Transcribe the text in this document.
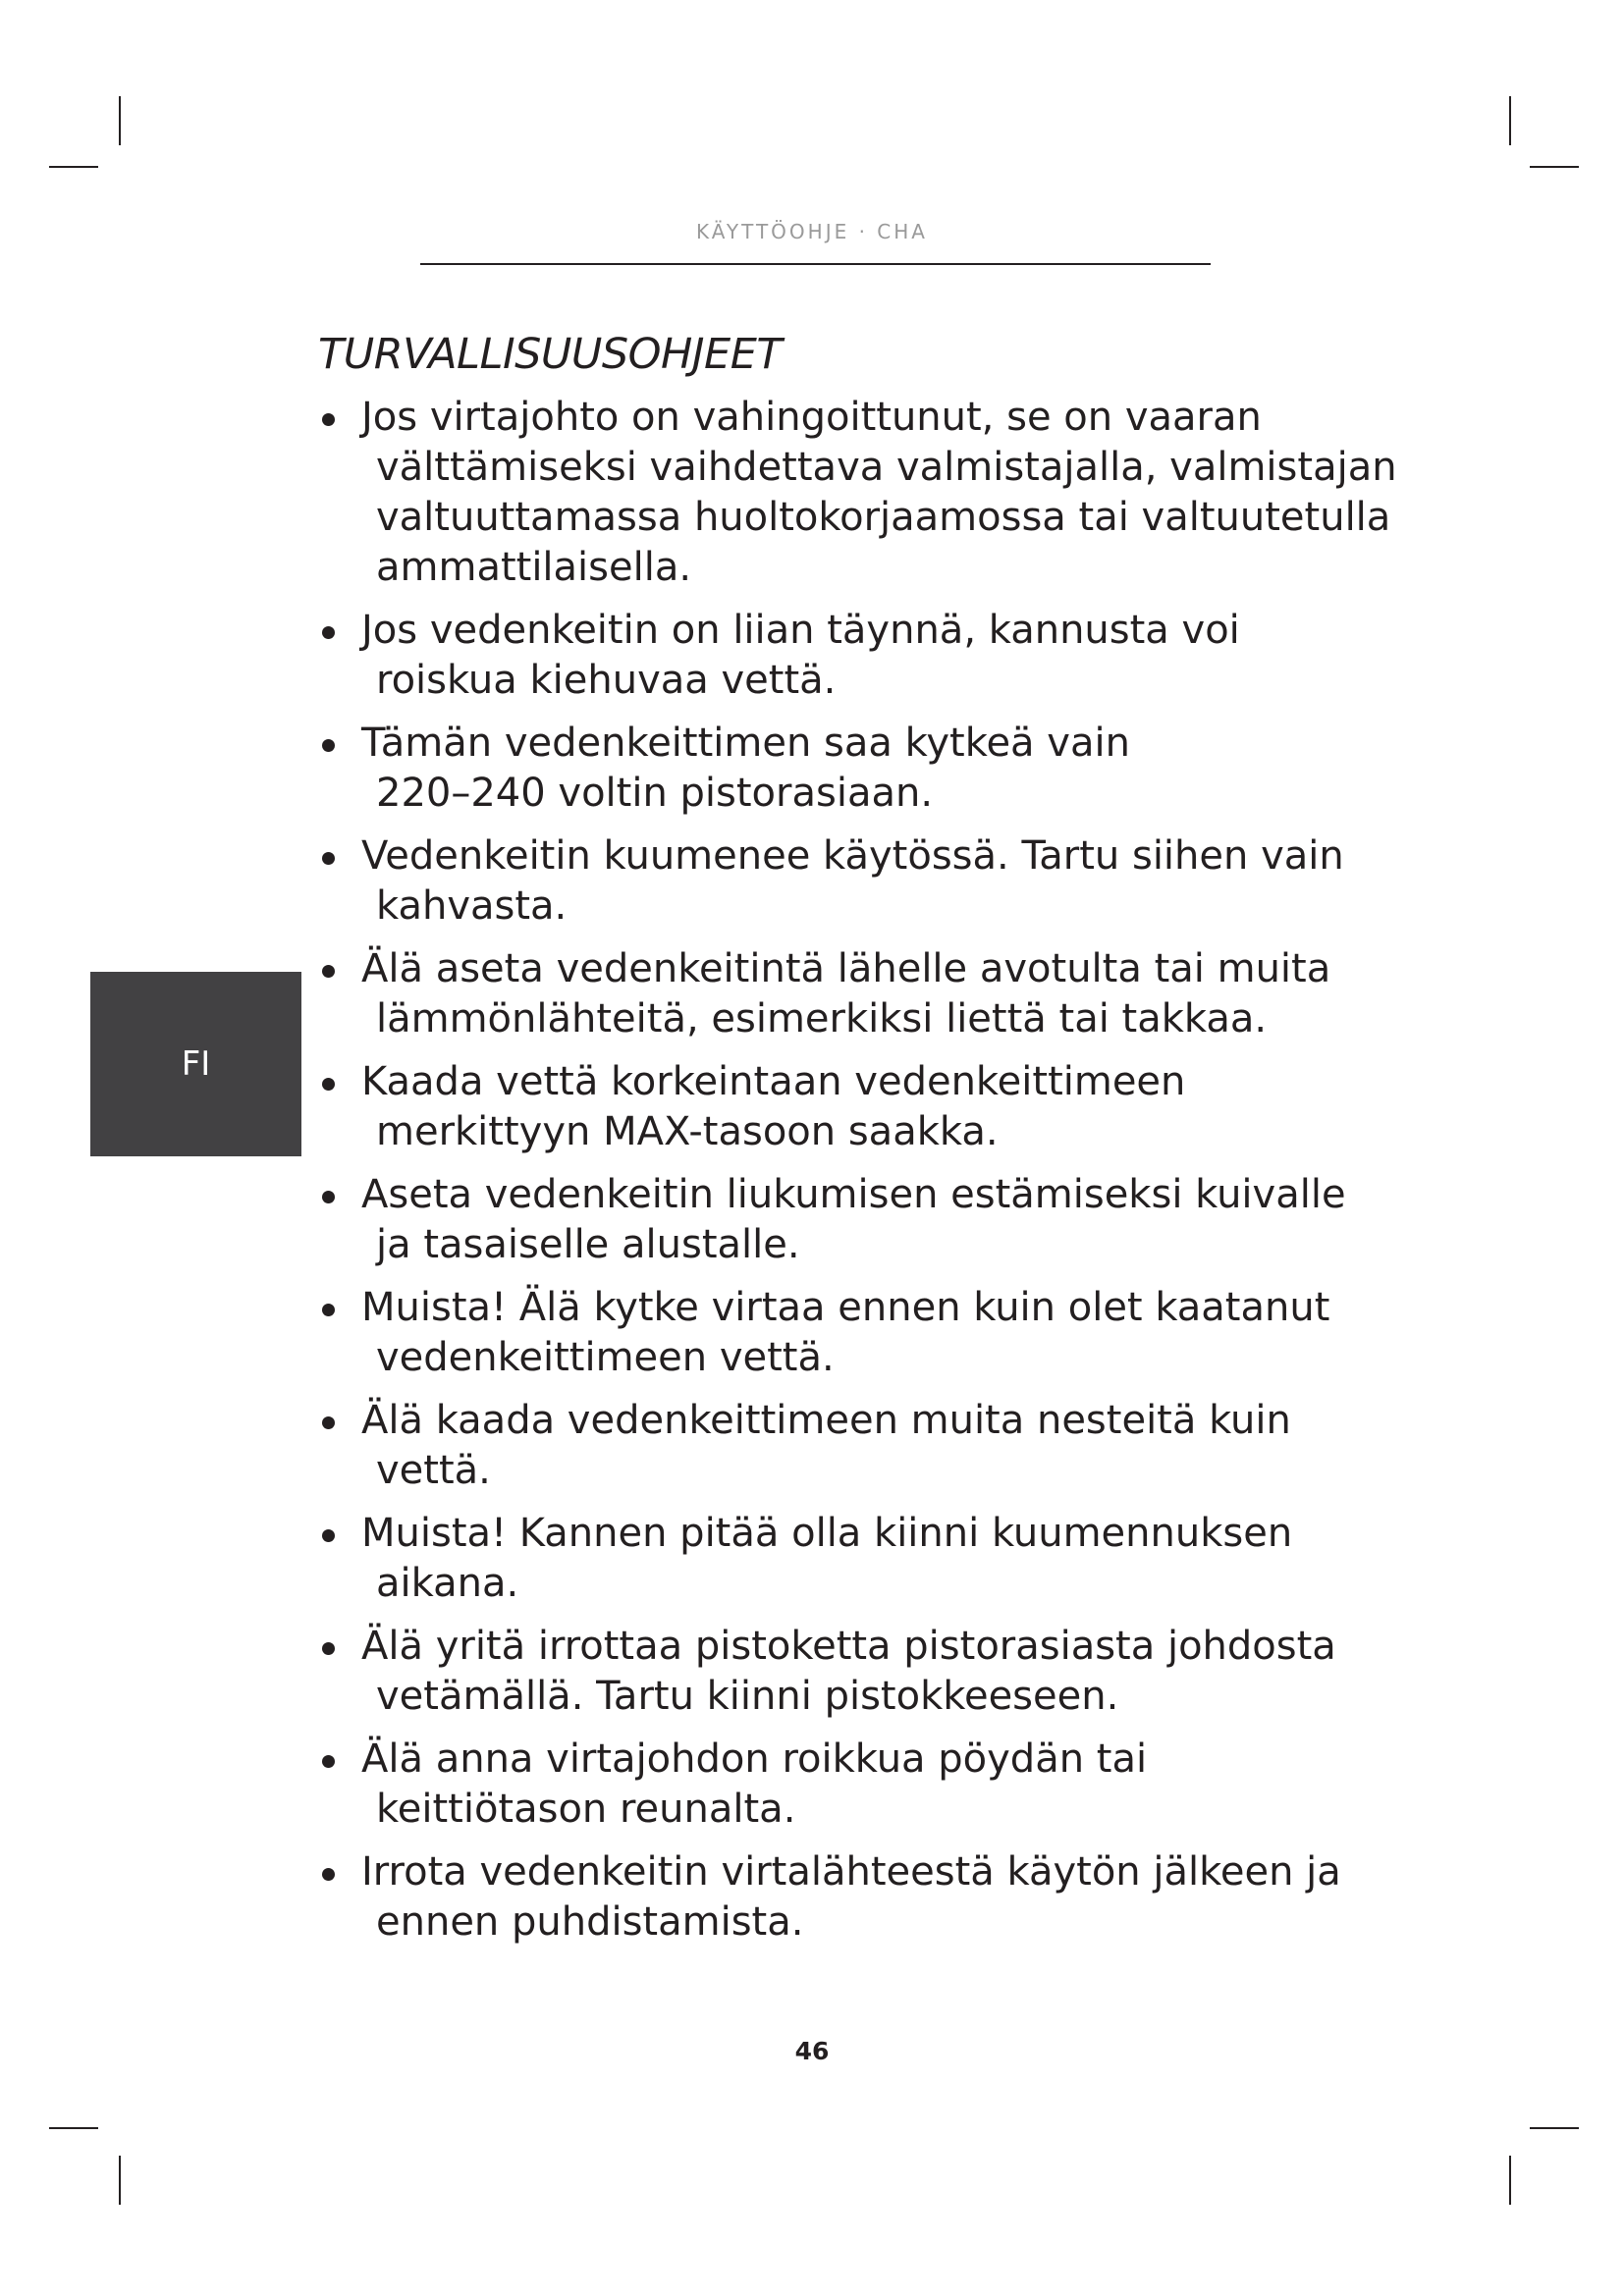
KÄYTTÖOHJE · CHA
FI
TURVALLISUUSOHJEET
Jos virtajohto on vahingoittunut, se on vaaran
välttämiseksi vaihdettava valmistajalla, valmistajan
valtuuttamassa huoltokorjaamossa tai valtuutetulla
ammattilaisella.
Jos vedenkeitin on liian täynnä, kannusta voi
roiskua kiehuvaa vettä.
Tämän vedenkeittimen saa kytkeä vain
220–240 voltin pistorasiaan.
Vedenkeitin kuumenee käytössä. Tartu siihen vain
kahvasta.
Älä aseta vedenkeitintä lähelle avotulta tai muita
lämmönlähteitä, esimerkiksi liettä tai takkaa.
Kaada vettä korkeintaan vedenkeittimeen
merkittyyn MAX-tasoon saakka.
Aseta vedenkeitin liukumisen estämiseksi kuivalle
ja tasaiselle alustalle.
Muista! Älä kytke virtaa ennen kuin olet kaatanut
vedenkeittimeen vettä.
Älä kaada vedenkeittimeen muita nesteitä kuin
vettä.
Muista! Kannen pitää olla kiinni kuumennuksen
aikana.
Älä yritä irrottaa pistoketta pistorasiasta johdosta
vetämällä. Tartu kiinni pistokkeeseen.
Älä anna virtajohdon roikkua pöydän tai
keittiötason reunalta.
Irrota vedenkeitin virtalähteestä käytön jälkeen ja
ennen puhdistamista.
46
